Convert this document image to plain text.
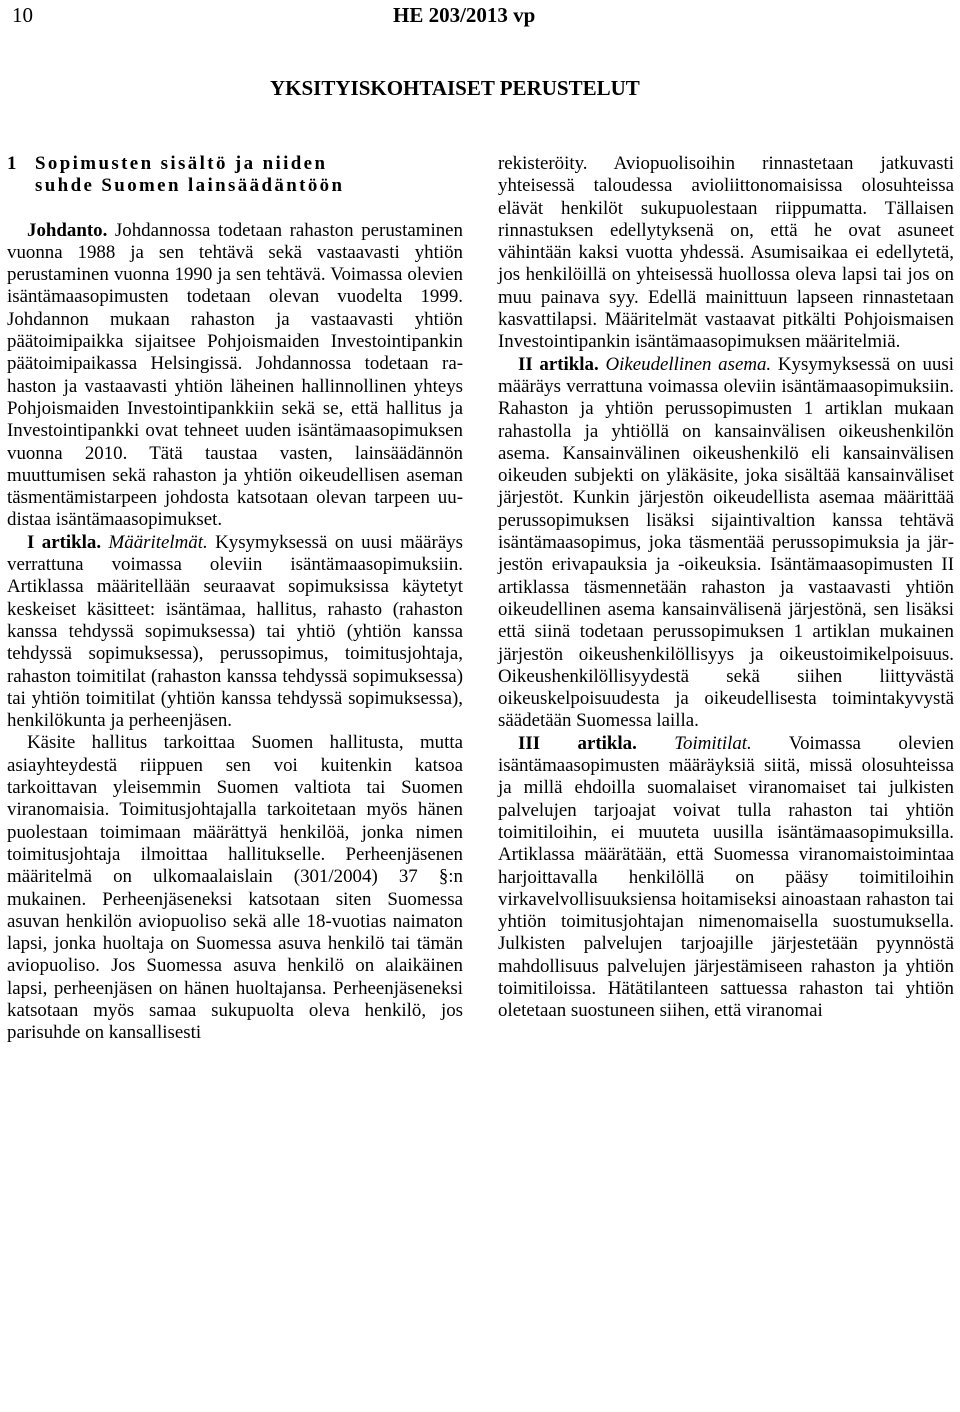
10	HE 203/2013 vp
YKSITYISKOHTAISET PERUSTELUT
1 Sopimusten sisältö ja niiden
suhde Suomen lainsäädäntöön

Johdanto. Johdannossa todetaan rahaston perustaminen vuonna 1988 ja sen tehtävä sekä vastaavasti yhtiön perustaminen vuonna 1990 ja sen tehtävä. Voimassa olevien isäntämaasopimusten todetaan olevan vuodelta 1999. Johdannon mukaan rahaston ja vastaavasti yhtiön päätoimipaikka sijaitsee Pohjoismaiden Investointipankin päätoimipaikassa Helsingissä. Johdannossa todetaan rahaston ja vastaavasti yhtiön läheinen hallinnollinen yhteys Pohjoismaiden Investointipankkiin sekä se, että hallitus ja Investointipankki ovat tehneet uuden isäntämaasopimuksen vuonna 2010. Tätä taustaa vasten, lainsäädännön muuttumisen sekä rahaston ja yhtiön oikeudellisen aseman täsmentämistarpeen johdosta katsotaan olevan tarpeen uudistaa isäntämaasopimukset.

I artikla. Määritelmät. Kysymyksessä on uusi määräys verrattuna voimassa oleviin isäntämaasopimuksiin. Artiklassa määritellään seuraavat sopimuksissa käytetyt keskeiset käsitteet: isäntämaa, hallitus, rahasto (rahaston kanssa tehdyssä sopimuksessa) tai yhtiö (yhtiön kanssa tehdyssä sopimuksessa), perussopimus, toimitusjohtaja, rahaston toimitilat (rahaston kanssa tehdyssä sopimuksessa) tai yhtiön toimitilat (yhtiön kanssa tehdyssä sopimuksessa), henkilökunta ja perheenjäsen.

Käsite hallitus tarkoittaa Suomen hallitusta, mutta asiayhteydestä riippuen sen voi kuitenkin katsoa tarkoittavan yleisemmin Suomen valtiota tai Suomen viranomaisia. Toimitusjohtajalla tarkoitetaan myös hänen puolestaan toimimaan määrättyä henkilöä, jonka nimen toimitusjohtaja ilmoittaa hallitukselle. Perheenjäsenen määritelmä on ulkomaalaislain (301/2004) 37 §:n mukainen. Perheenjäseneksi katsotaan siten Suomessa asuvan henkilön aviopuoliso sekä alle 18-vuotias naimaton lapsi, jonka huoltaja on Suomessa asuva henkilö tai tämän aviopuoliso. Jos Suomessa asuva henkilö on alaikäinen lapsi, perheenjäsen on hänen huoltajansa. Perheenjäseneksi katsotaan myös samaa sukupuolta oleva henkilö, jos parisuhde on kansallisesti

rekisteröity. Aviopuolisoihin rinnastetaan jatkuvasti yhteisessä taloudessa avioliittonomaisissa olosuhteissa elävät henkilöt sukupuolestaan riippumatta. Tällaisen rinnastuksen edellytyksenä on, että he ovat asuneet vähintään kaksi vuotta yhdessä. Asumisaikaa ei edellytetä, jos henkilöillä on yhteisessä huollossa oleva lapsi tai jos on muu painava syy. Edellä mainittuun lapseen rinnastetaan kasvattilapsi. Määritelmät vastaavat pitkälti Pohjoismaisen Investointipankin isäntämaasopimuksen määritelmiä.

II artikla. Oikeudellinen asema. Kysymyksessä on uusi määräys verrattuna voimassa oleviin isäntämaasopimuksiin. Rahaston ja yhtiön perussopimusten 1 artiklan mukaan rahastolla ja yhtiöllä on kansainvälisen oikeushenkilön asema. Kansainvälinen oikeushenkilö eli kansainvälisen oikeuden subjekti on yläkäsite, joka sisältää kansainväliset järjestöt. Kunkin järjestön oikeudellista asemaa määrittää perussopimuksen lisäksi sijaintivaltion kanssa tehtävä isäntämaasopimus, joka täsmentää perussopimuksia ja järjestön erivapauksia ja -oikeuksia. Isäntämaasopimusten II artiklassa täsmennetään rahaston ja vastaavasti yhtiön oikeudellinen asema kansainvälisenä järjestönä, sen lisäksi että siinä todetaan perussopimuksen 1 artiklan mukainen järjestön oikeushenkilöllisyys ja oikeustoimikelpoisuus. Oikeushenkilöllisyydestä sekä siihen liittyvästä oikeuskelpoisuudesta ja oikeudellisesta toimintakyvystä säädetään Suomessa lailla.

III artikla. Toimitilat. Voimassa olevien isäntämaasopimusten määräyksiä siitä, missä olosuhteissa ja millä ehdoilla suomalaiset viranomaiset tai julkisten palvelujen tarjoajat voivat tulla rahaston tai yhtiön toimitiloihin, ei muuteta uusilla isäntämaasopimuksilla. Artiklassa määrätään, että Suomessa viranomaistoimintaa harjoittavalla henkilöllä on pääsy toimitiloihin virkavelvollisuuksiensa hoitamiseksi ainoastaan rahaston tai yhtiön toimitusjohtajan nimenomaisella suostumuksella. Julkisten palvelujen tarjoajille järjestetään pyynnöstä mahdollisuus palvelujen järjestämiseen rahaston ja yhtiön toimitiloissa. Hätätilanteen sattuessa rahaston tai yhtiön oletetaan suostuneen siihen, että viranomai
